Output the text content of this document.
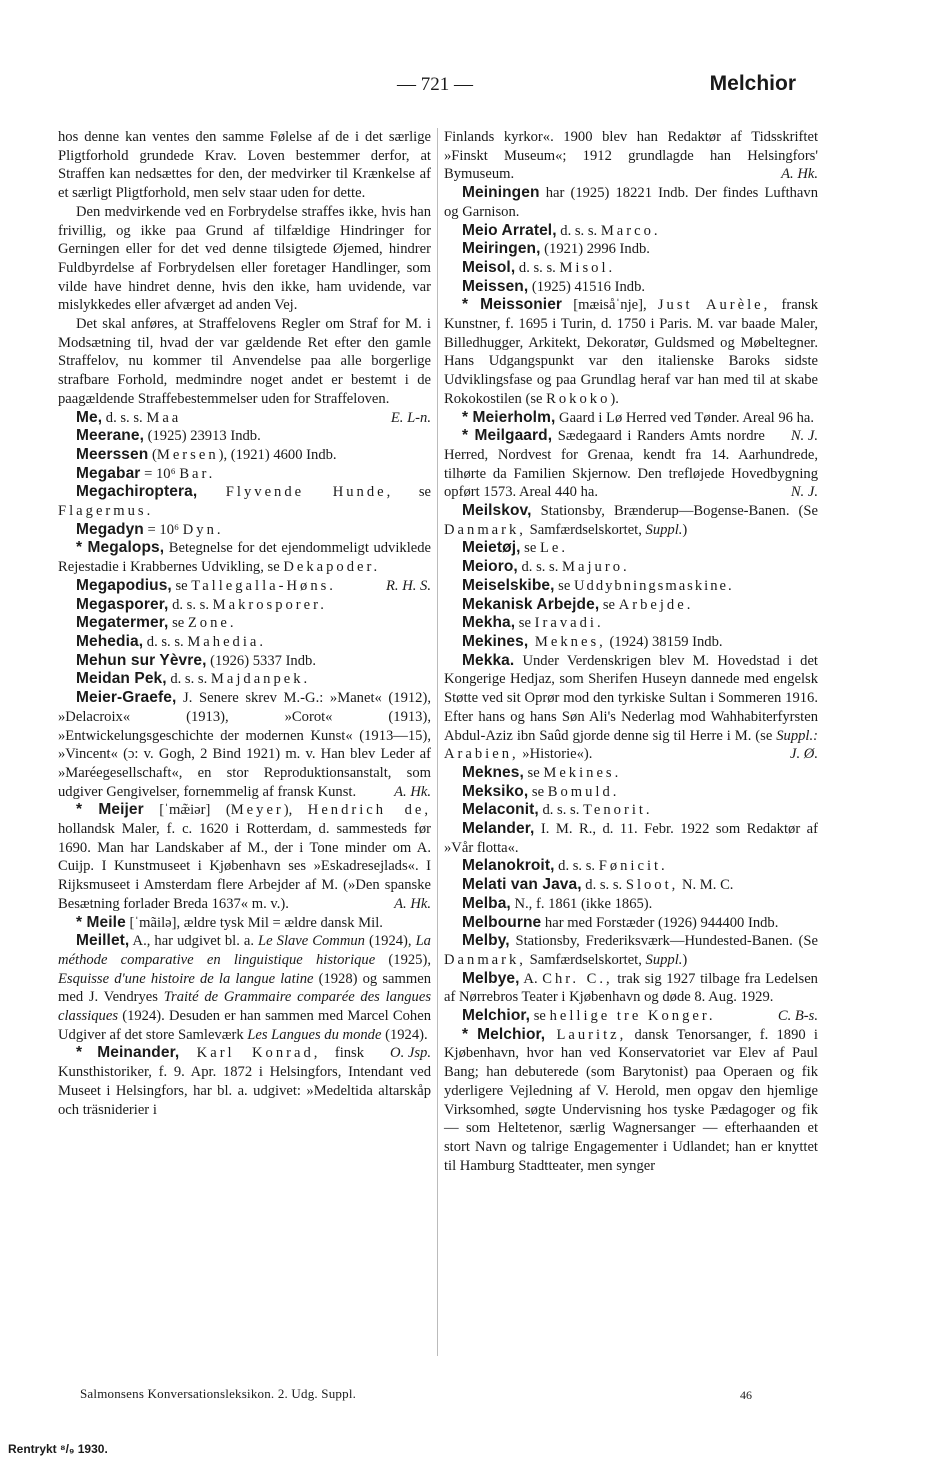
— 721 —	Melchior

hos denne kan ventes den samme Følelse af de i det særlige Pligtforhold grundede Krav. Loven bestemmer derfor, at Straffen kan nedsættes for den, der medvirker til Krænkelse af et særligt Pligtforhold, men selv staar uden for dette.

Den medvirkende ved en Forbrydelse straffes ikke, hvis han frivillig, og ikke paa Grund af tilfældige Hindringer for Gerningen eller for det ved denne tilsigtede Øjemed, hindrer Fuldbyrdelse af Forbrydelsen eller foretager Handlinger, som vilde have hindret denne, hvis den ikke, ham uvidende, var mislykkedes eller afværget ad anden Vej.

Det skal anføres, at Straffelovens Regler om Straf for M. i Modsætning til, hvad der var gældende Ret efter den gamle Straffelov, nu kommer til Anvendelse paa alle borgerlige strafbare Forhold, medmindre noget andet er bestemt i de paagældende Straffebestemmelser uden for Straffeloven.
E. L-n.

Me, d. s. s. Maa

Meerane, (1925) 23913 Indb.

Meerssen (Mersen), (1921) 4600 Indb.

Megabar = 10⁶ Bar.

Megachiroptera, Flyvende Hunde, se Flagermus.

Megadyn = 10⁶ Dyn.

* Megalops, Betegnelse for det ejendommeligt udviklede Rejestadie i Krabbernes Udvikling, se Dekapoder.
R. H. S.

Megapodius, se Tallegalla-Høns.

Megasporer, d. s. s. Makrosporer.

Megatermer, se Zone.

Mehedia, d. s. s. Mahedia.

Mehun sur Yèvre, (1926) 5337 Indb.

Meidan Pek, d. s. s. Majdanpek.

Meier-Graefe, J. Senere skrev M.-G.: »Manet« (1912), »Delacroix« (1913), »Corot« (1913), »Entwickelungsgeschichte der modernen Kunst« (1913—15), »Vincent« (ɔ: v. Gogh, 2 Bind 1921) m. v. Han blev Leder af »Maréegesellschaft«, en stor Reproduktionsanstalt, som udgiver Gengivelser, fornemmelig af fransk Kunst.	A. Hk.

* Meijer [ˈmæ̃iər] (Meyer), Hendrich de, hollandsk Maler, f. c. 1620 i Rotterdam, d. sammesteds før 1690. Man har Landskaber af M., der i Tone minder om A. Cuijp. I Kunstmuseet i Kjøbenhavn ses »Eskadresejlads«. I Rijksmuseet i Amsterdam flere Arbejder af M. (»Den spanske Besætning forlader Breda 1637« m. v.).	A. Hk.

* Meile [ˈmãilə], ældre tysk Mil = ældre dansk Mil.

Meillet, A., har udgivet bl. a. Le Slave Commun (1924), La méthode comparative en linguistique historique (1925), Esquisse d'une histoire de la langue latine (1928) og sammen med J. Vendryes Traité de Grammaire comparée des langues classiques (1924). Desuden er han sammen med Marcel Cohen Udgiver af det store Samleværk Les Langues du monde (1924).
O. Jsp.

* Meinander, Karl Konrad, finsk Kunsthistoriker, f. 9. Apr. 1872 i Helsingfors, Intendant ved Museet i Helsingfors, har bl. a. udgivet: »Medeltida altarskåp och träsniderier i

Finlands kyrkor«. 1900 blev han Redaktør af Tidsskriftet »Finskt Museum«; 1912 grundlagde han Helsingfors' Bymuseum.	A. Hk.

Meiningen har (1925) 18221 Indb. Der findes Lufthavn og Garnison.

Meio Arratel, d. s. s. Marco.

Meiringen, (1921) 2996 Indb.

Meisol, d. s. s. Misol.

Meissen, (1925) 41516 Indb.

* Meissonier [mæisåˈnje], Just Aurèle, fransk Kunstner, f. 1695 i Turin, d. 1750 i Paris. M. var baade Maler, Billedhugger, Arkitekt, Dekoratør, Guldsmed og Møbeltegner. Hans Udgangspunkt var den italienske Baroks sidste Udviklingsfase og paa Grundlag heraf var han med til at skabe Rokokostilen (se Rokoko).

* Meierholm, Gaard i Lø Herred ved Tønder. Areal 96 ha.
N. J.

* Meilgaard, Sædegaard i Randers Amts nordre Herred, Nordvest for Grenaa, kendt fra 14. Aarhundrede, tilhørte da Familien Skjernow. Den trefløjede Hovedbygning opført 1573. Areal 440 ha.	N. J.

Meilskov, Stationsby, Brænderup—Bogense-Banen. (Se Danmark, Samfærdselskortet, Suppl.)

Meietøj, se Le.

Meioro, d. s. s. Majuro.

Meiselskibe, se Uddybningsmaskine.

Mekanisk Arbejde, se Arbejde.

Mekha, se Iravadi.

Mekines, Meknes, (1924) 38159 Indb.

Mekka. Under Verdenskrigen blev M. Hovedstad i det Kongerige Hedjaz, som Sherifen Huseyn dannede med engelsk Støtte ved sit Oprør mod den tyrkiske Sultan i Sommeren 1916. Efter hans og hans Søn Ali's Nederlag mod Wahhabiterfyrsten Abdul-Aziz ibn Saûd gjorde denne sig til Herre i M. (se Suppl.: Arabien, »Historie«).	J. Ø.

Meknes, se Mekines.

Meksiko, se Bomuld.

Melaconit, d. s. s. Tenorit.

Melander, I. M. R., d. 11. Febr. 1922 som Redaktør af »Vår flotta«.

Melanokroit, d. s. s. Fønicit.

Melati van Java, d. s. s. Sloot, N. M. C.

Melba, N., f. 1861 (ikke 1865).

Melbourne har med Forstæder (1926) 944400 Indb.

Melby, Stationsby, Frederiksværk—Hundested-Banen. (Se Danmark, Samfærdselskortet, Suppl.)

Melbye, A. Chr. C., trak sig 1927 tilbage fra Ledelsen af Nørrebros Teater i Kjøbenhavn og døde 8. Aug. 1929.
C. B-s.

Melchior, se hellige tre Konger.

* Melchior, Lauritz, dansk Tenorsanger, f. 1890 i Kjøbenhavn, hvor han ved Konservatoriet var Elev af Paul Bang; han debuterede (som Barytonist) paa Operaen og fik yderligere Vejledning af V. Herold, men opgav den hjemlige Virksomhed, søgte Undervisning hos tyske Pædagoger og fik — som Heltetenor, særlig Wagnersanger — efterhaanden et stort Navn og talrige Engagementer i Udlandet; han er knyttet til Hamburg Stadtteater, men synger

Salmonsens Konversationsleksikon. 2. Udg. Suppl.	46
Rentrykt ⁸/₉ 1930.
